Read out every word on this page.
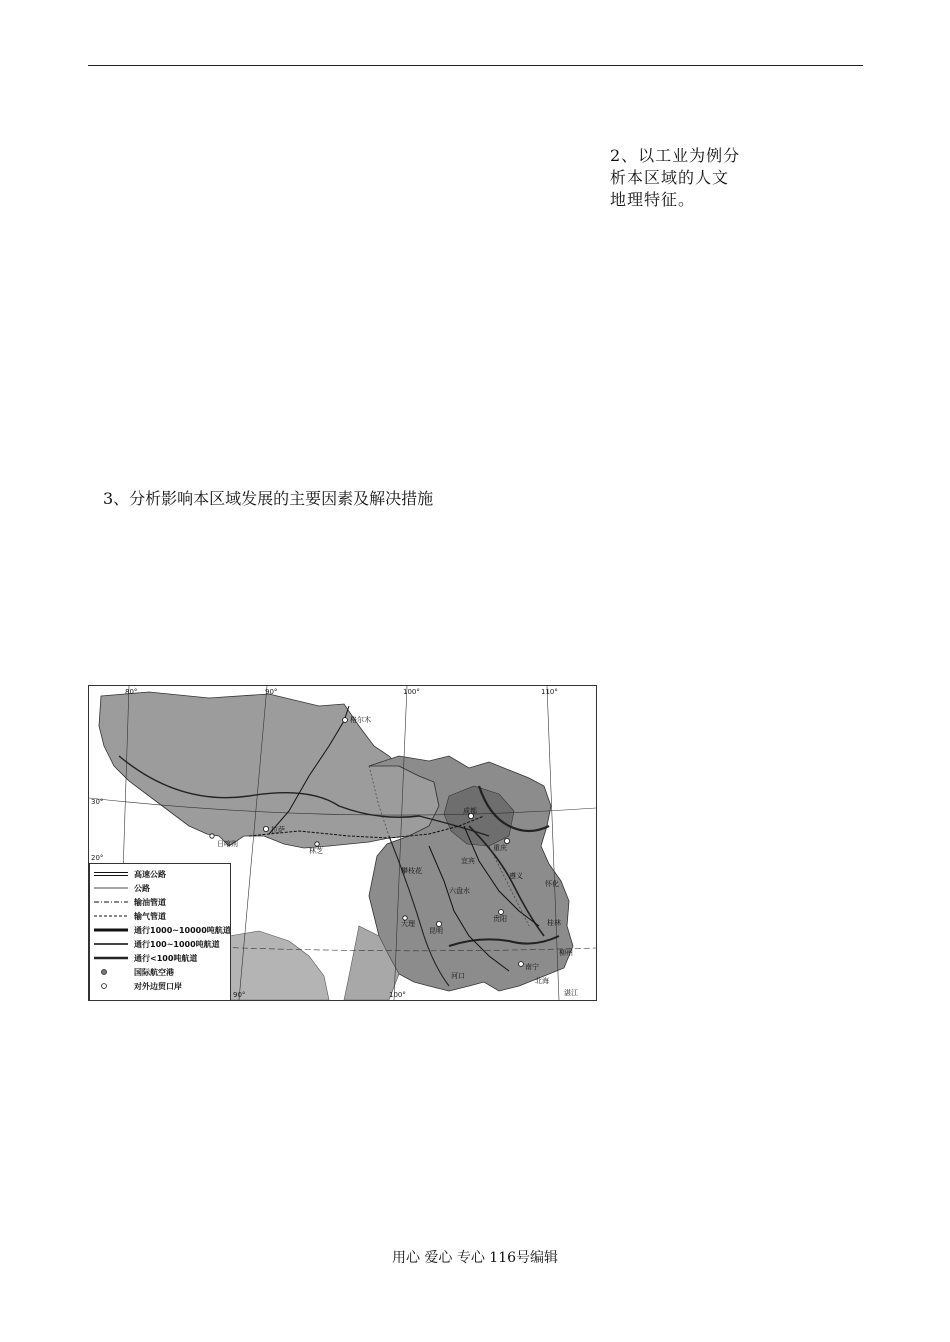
2、以工业为例分
析本区域的人文
地理特征。
3、分析影响本区域发展的主要因素及解决措施
80°	90°	100°	110°
30°
20°
90°	100°
格尔木
拉萨
日喀则
成都
重庆
贵阳
昆明
南宁
林芝
大理
北海
湛江
桂林
河口
柳州
怀化
攀枝花
宜宾
遵义
六盘水
高速公路
公路
输油管道
输气管道
通行1000~10000吨航道
通行100~1000吨航道
通行<100吨航道
国际航空港
对外边贸口岸
用心 爱心 专心 116号编辑
